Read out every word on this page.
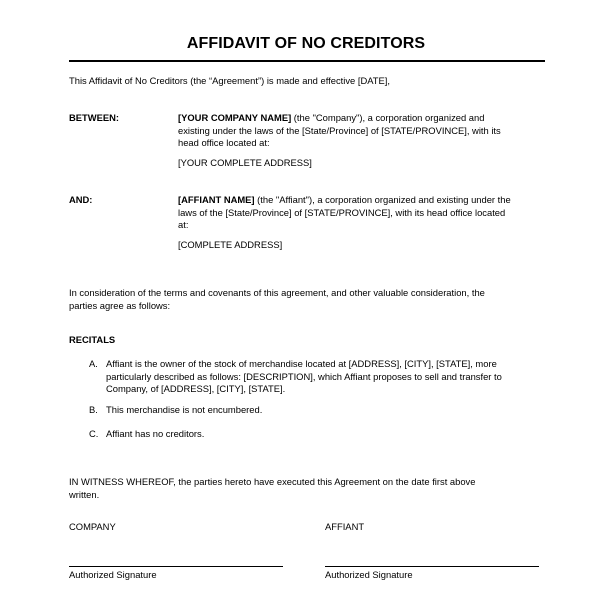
AFFIDAVIT OF NO CREDITORS
This Affidavit of No Creditors (the “Agreement”) is made and effective [DATE],
BETWEEN:	[YOUR COMPANY NAME] (the "Company"), a corporation organized and
existing under the laws of the [State/Province] of [STATE/PROVINCE], with its
head office located at:
[YOUR COMPLETE ADDRESS]
AND:	[AFFIANT NAME] (the "Affiant"), a corporation organized and existing under the
laws of the [State/Province] of [STATE/PROVINCE], with its head office located
at:
[COMPLETE ADDRESS]
In consideration of the terms and covenants of this agreement, and other valuable consideration, the
parties agree as follows:
RECITALS
A. Affiant is the owner of the stock of merchandise located at [ADDRESS], [CITY], [STATE], more
particularly described as follows: [DESCRIPTION], which Affiant proposes to sell and transfer to
Company, of [ADDRESS], [CITY], [STATE].
B. This merchandise is not encumbered.
C. Affiant has no creditors.
IN WITNESS WHEREOF, the parties hereto have executed this Agreement on the date first above
written.
COMPANY	AFFIANT
Authorized Signature	Authorized Signature
